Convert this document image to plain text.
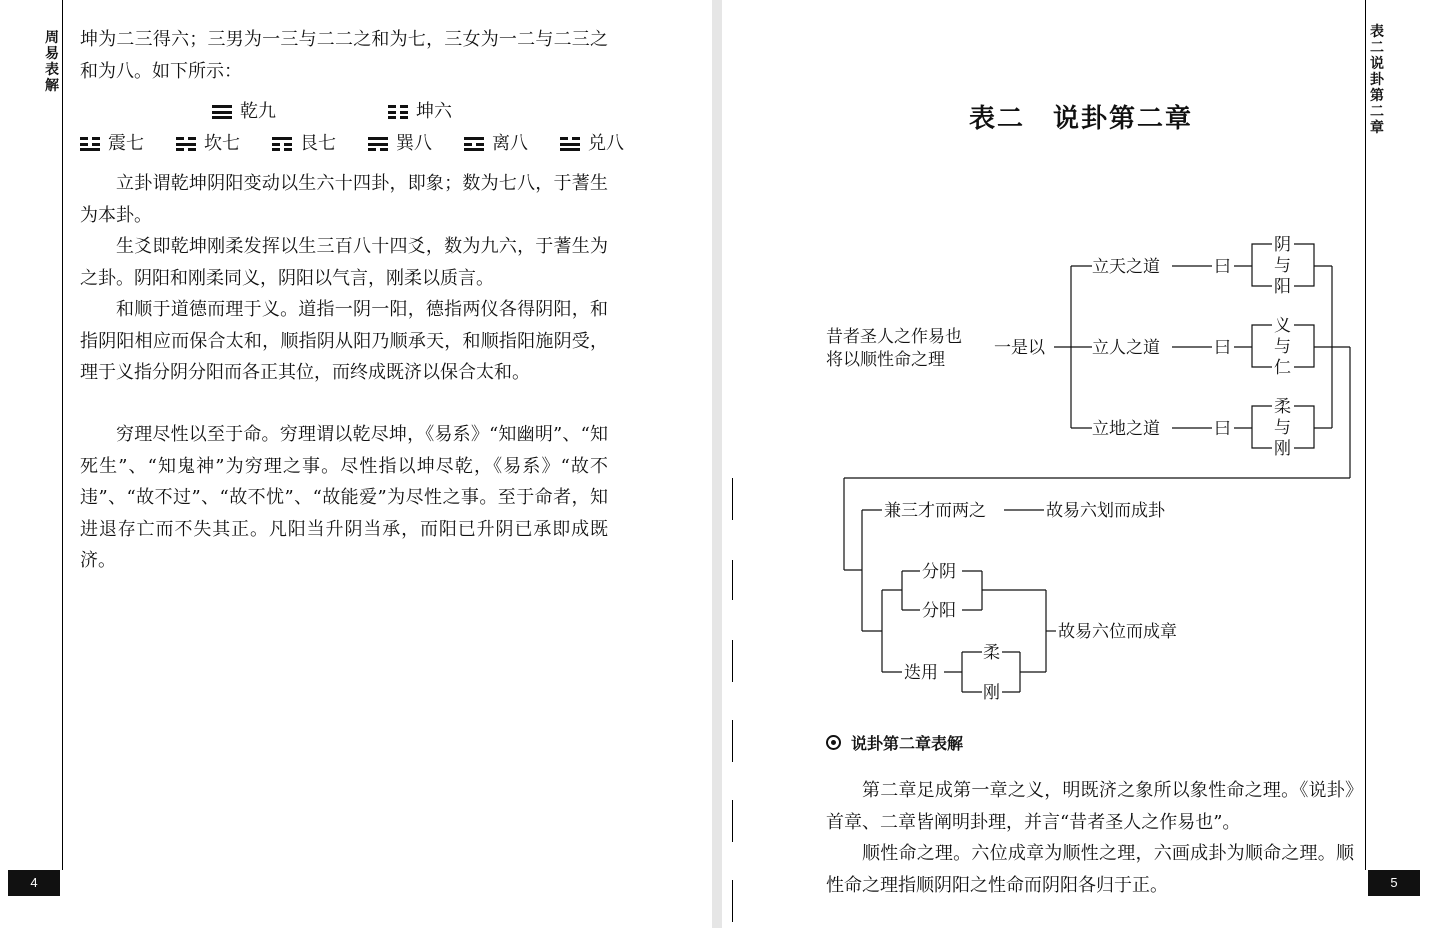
周易表解
4

坤为二三得六；三男为一三与二二之和为七，三女为一二与二三之和为八。如下所示：

乾九	坤六
震七	坎七	艮七	巽八	离八	兑八

立卦谓乾坤阴阳变动以生六十四卦，即象；数为七八，于蓍生为本卦。

生爻即乾坤刚柔发挥以生三百八十四爻，数为九六，于蓍生为之卦。阴阳和刚柔同义，阴阳以气言，刚柔以质言。

和顺于道德而理于义。道指一阴一阳，德指两仪各得阴阳，和指阴阳相应而保合太和，顺指阴从阳乃顺承天，和顺指阳施阴受，理于义指分阴分阳而各正其位，而终成既济以保合太和。

穷理尽性以至于命。穷理谓以乾尽坤，《易系》“知幽明”、“知死生”、“知鬼神”为穷理之事。尽性指以坤尽乾，《易系》“故不违”、“故不过”、“故不忧”、“故能爱”为尽性之事。至于命者，知进退存亡而不失其正。凡阳当升阴当承，而阳已升阴已承即成既济。

表二 说卦第二章
5
表二　说卦第二章
昔者圣人之作易也
将以顺性命之理
一是以
立天之道
立人之道
立地之道
曰
曰
曰
阴
与
阳
义
与
仁
柔
与
刚
兼三才而两之	故易六划而成卦
分阴
分阳
迭用
柔
刚
故易六位而成章
说卦第二章表解

第二章足成第一章之义，明既济之象所以象性命之理。《说卦》首章、二章皆阐明卦理，并言“昔者圣人之作易也”。

顺性命之理。六位成章为顺性之理，六画成卦为顺命之理。顺性命之理指顺阴阳之性命而阴阳各归于正。
